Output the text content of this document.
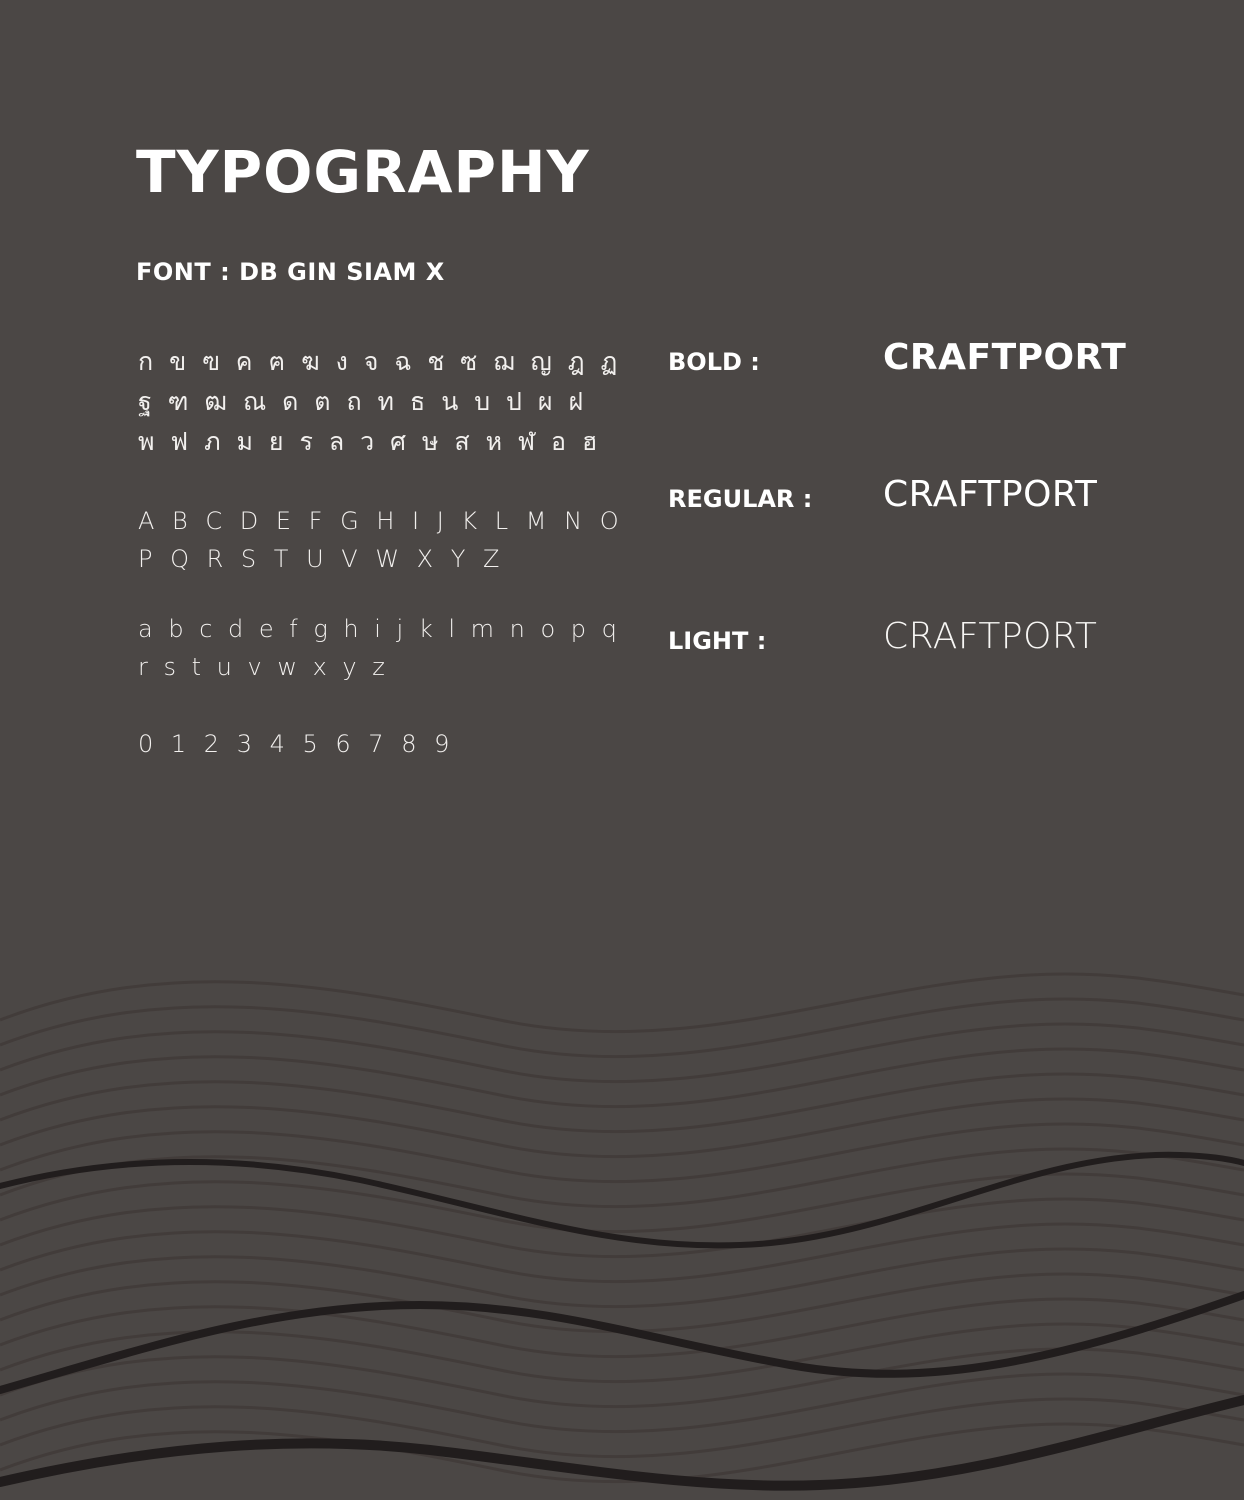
TYPOGRAPHY
FONT : DB GIN SIAM X
ก ข ฃ ค ฅ ฆ ง จ ฉ ช ซ ฌ ญ ฎ ฏ
ฐ ฑ ฒ ณ ด ต ถ ท ธ น บ ป ผ ฝ
พ ฟ ภ ม ย ร ล ว ศ ษ ส ห ฬ อ ฮ
A B C D E F G H I J K L M N O
P Q R S T U V W X Y Z
a b c d e f g h i j k l m n o p q
r s t u v w x y z
0 1 2 3 4 5 6 7 8 9
BOLD :	CRAFTPORT
REGULAR : CRAFTPORT
LIGHT :	CRAFTPORT
